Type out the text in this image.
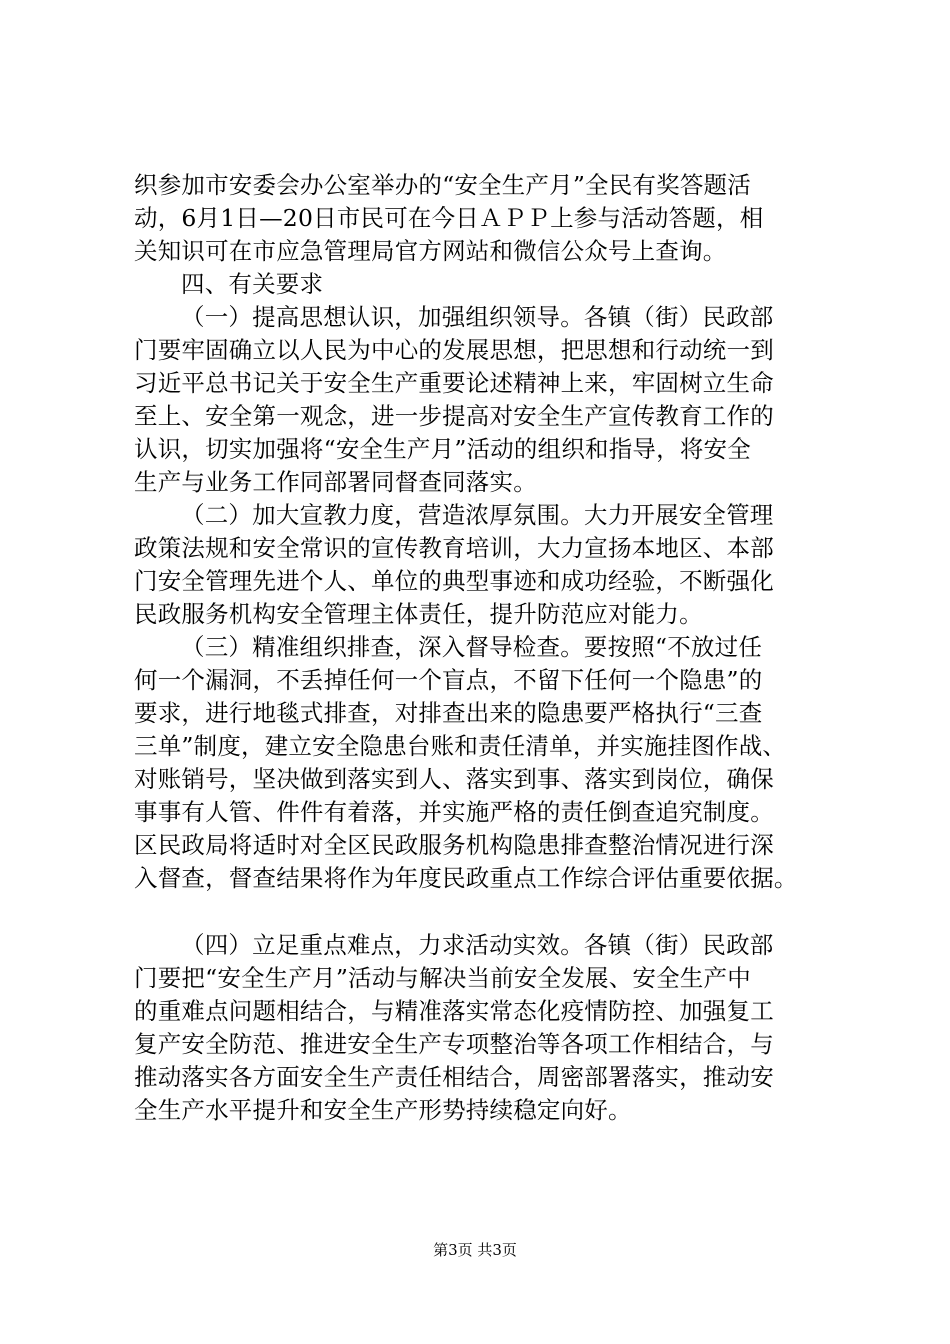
织参加市安委会办公室举办的“安全生产月”全民有奖答题活
动，6月1日—20日市民可在今日ＡＰＰ上参与活动答题，相
关知识可在市应急管理局官方网站和微信公众号上查询。
四、有关要求
（一）提高思想认识，加强组织领导。各镇（街）民政部
门要牢固确立以人民为中心的发展思想，把思想和行动统一到
习近平总书记关于安全生产重要论述精神上来，牢固树立生命
至上、安全第一观念，进一步提高对安全生产宣传教育工作的
认识，切实加强将“安全生产月”活动的组织和指导，将安全
生产与业务工作同部署同督查同落实。
（二）加大宣教力度，营造浓厚氛围。大力开展安全管理
政策法规和安全常识的宣传教育培训，大力宣扬本地区、本部
门安全管理先进个人、单位的典型事迹和成功经验，不断强化
民政服务机构安全管理主体责任，提升防范应对能力。
（三）精准组织排查，深入督导检查。要按照“不放过任
何一个漏洞，不丢掉任何一个盲点，不留下任何一个隐患”的
要求，进行地毯式排查，对排查出来的隐患要严格执行“三查
三单”制度，建立安全隐患台账和责任清单，并实施挂图作战、
对账销号，坚决做到落实到人、落实到事、落实到岗位，确保
事事有人管、件件有着落，并实施严格的责任倒查追究制度。
区民政局将适时对全区民政服务机构隐患排查整治情况进行深
入督查，督查结果将作为年度民政重点工作综合评估重要依据。
（四）立足重点难点，力求活动实效。各镇（街）民政部
门要把“安全生产月”活动与解决当前安全发展、安全生产中
的重难点问题相结合，与精准落实常态化疫情防控、加强复工
复产安全防范、推进安全生产专项整治等各项工作相结合，与
推动落实各方面安全生产责任相结合，周密部署落实，推动安
全生产水平提升和安全生产形势持续稳定向好。
第3页 共3页
